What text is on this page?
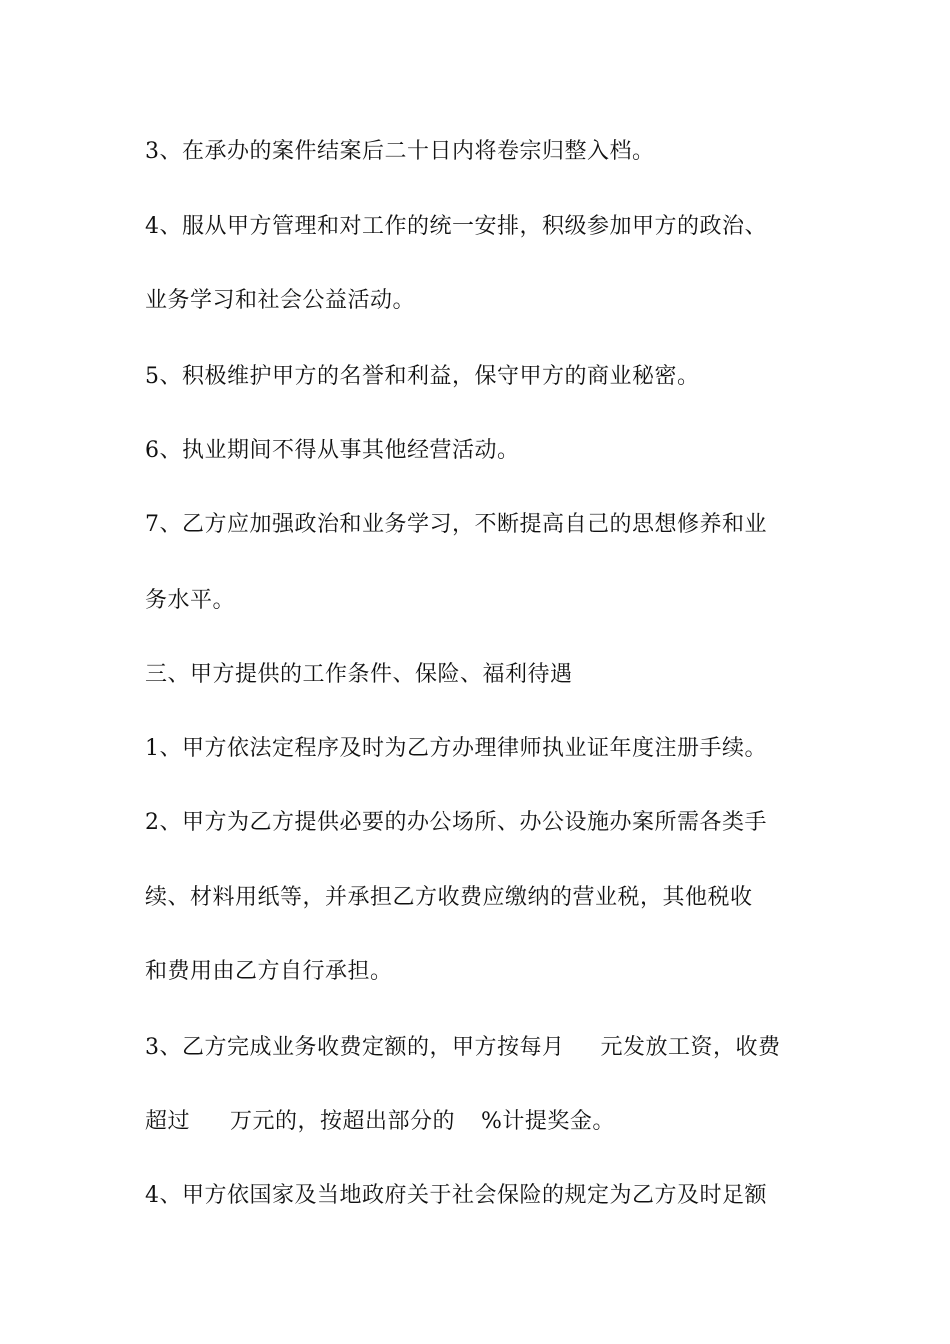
3、在承办的案件结案后二十日内将卷宗归整入档。
4、服从甲方管理和对工作的统一安排，积级参加甲方的政治、
业务学习和社会公益活动。
5、积极维护甲方的名誉和利益，保守甲方的商业秘密。
6、执业期间不得从事其他经营活动。
7、乙方应加强政治和业务学习，不断提高自己的思想修养和业
务水平。
三、甲方提供的工作条件、保险、福利待遇
1、甲方依法定程序及时为乙方办理律师执业证年度注册手续。
2、甲方为乙方提供必要的办公场所、办公设施办案所需各类手
续、材料用纸等，并承担乙方收费应缴纳的营业税，其他税收
和费用由乙方自行承担。
3、乙方完成业务收费定额的，甲方按每月 元发放工资，收费
超过 万元的，按超出部分的 %计提奖金。
4、甲方依国家及当地政府关于社会保险的规定为乙方及时足额
